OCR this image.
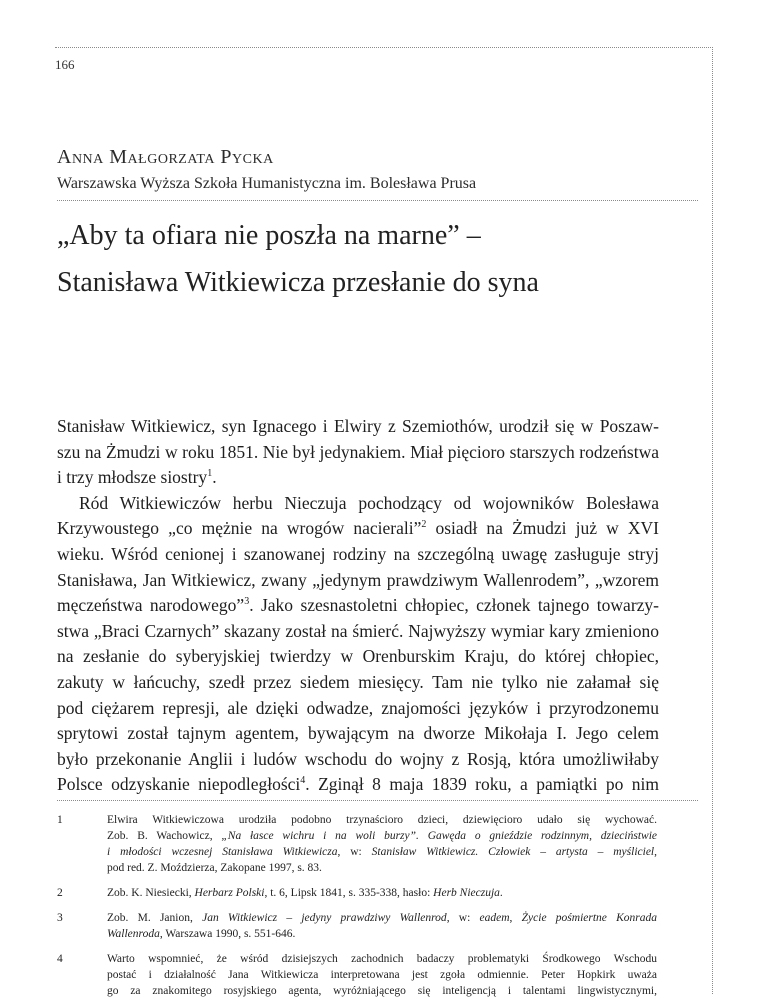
166
Anna Małgorzata Pycka
Warszawska Wyższa Szkoła Humanistyczna im. Bolesława Prusa
„Aby ta ofiara nie poszła na marne” –
Stanisława Witkiewicza przesłanie do syna
Stanisław Witkiewicz, syn Ignacego i Elwiry z Szemiothów, urodził się w Poszaw-
szu na Żmudzi w roku 1851. Nie był jedynakiem. Miał pięcioro starszych rodzeństwa
i trzy młodsze siostry$^1$.
Ród Witkiewiczów herbu Nieczuja pochodzący od wojowników Bolesława
Krzywoustego „co mężnie na wrogów nacierali”$^2$ osiadł na Żmudzi już w XVI
wieku. Wśród cenionej i szanowanej rodziny na szczególną uwagę zasługuje stryj
Stanisława, Jan Witkiewicz, zwany „jedynym prawdziwym Wallenrodem”, „wzorem
męczeństwa narodowego”$^3$. Jako szesnastoletni chłopiec, członek tajnego towarzy-
stwa „Braci Czarnych” skazany został na śmierć. Najwyższy wymiar kary zmieniono
na zesłanie do syberyjskiej twierdzy w Orenburskim Kraju, do której chłopiec,
zakuty w łańcuchy, szedł przez siedem miesięcy. Tam nie tylko nie załamał się
pod ciężarem represji, ale dzięki odwadze, znajomości języków i przyrodzonemu
sprytowi został tajnym agentem, bywającym na dworze Mikołaja I. Jego celem
było przekonanie Anglii i ludów wschodu do wojny z Rosją, która umożliwiłaby
Polsce odzyskanie niepodległości$^4$. Zginął 8 maja 1839 roku, a pamiątki po nim
1	Elwira Witkiewiczowa urodziła podobno trzynaścioro dzieci, dziewięcioro udało się wychować.
Zob. B. Wachowicz, „Na łasce wichru i na woli burzy”. Gawęda o gnieździe rodzinnym, dzieciństwie
i młodości wczesnej Stanisława Witkiewicza, w: Stanisław Witkiewicz. Człowiek – artysta – myśliciel,
pod red. Z. Moździerza, Zakopane 1997, s. 83.
2	Zob. K. Niesiecki, Herbarz Polski, t. 6, Lipsk 1841, s. 335-338, hasło: Herb Nieczuja.
3	Zob. M. Janion, Jan Witkiewicz – jedyny prawdziwy Wallenrod, w: eadem, Życie pośmiertne Konrada
Wallenroda, Warszawa 1990, s. 551-646.
4	Warto wspomnieć, że wśród dzisiejszych zachodnich badaczy problematyki Środkowego Wschodu
postać i działalność Jana Witkiewicza interpretowana jest zgoła odmiennie. Peter Hopkirk uważa
go za znakomitego rosyjskiego agenta, wyróżniającego się inteligencją i talentami lingwistycznymi,
